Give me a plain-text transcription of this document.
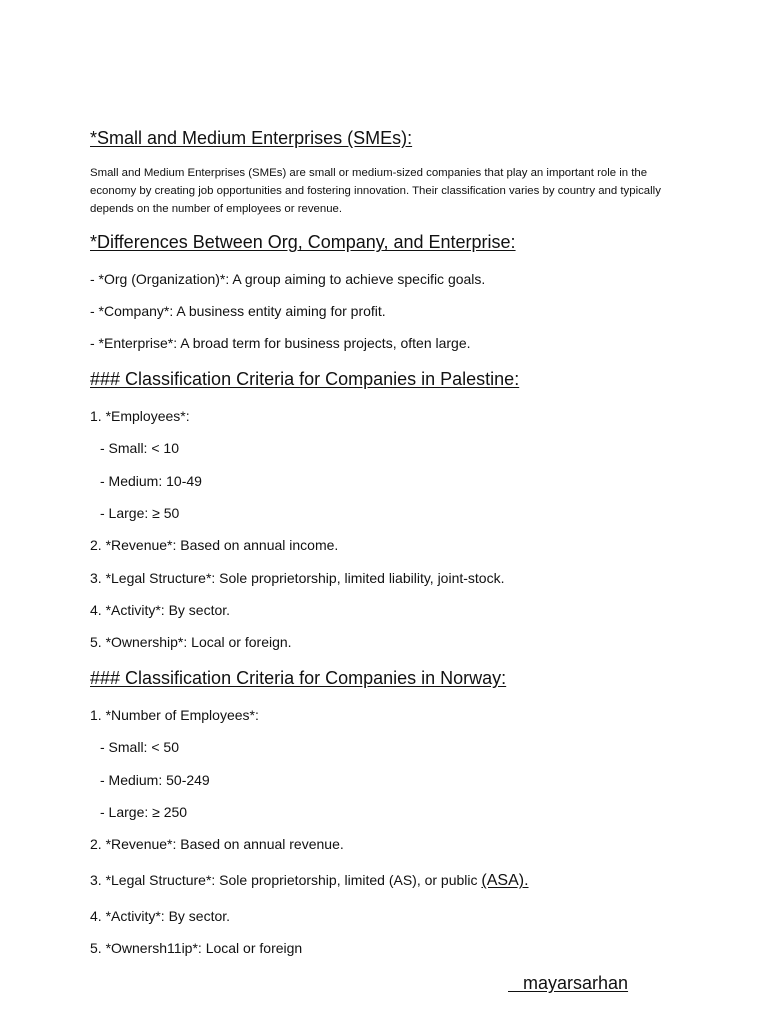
*Small and Medium Enterprises (SMEs):
Small and Medium Enterprises (SMEs) are small or medium-sized companies that play an important role in the economy by creating job opportunities and fostering innovation. Their classification varies by country and typically depends on the number of employees or revenue.
*Differences Between Org, Company, and Enterprise:
- *Org (Organization)*: A group aiming to achieve specific goals.
- *Company*: A business entity aiming for profit.
- *Enterprise*: A broad term for business projects, often large.
### Classification Criteria for Companies in Palestine:
1. *Employees*:
- Small: < 10
- Medium: 10-49
- Large: ≥ 50
2. *Revenue*: Based on annual income.
3. *Legal Structure*: Sole proprietorship, limited liability, joint-stock.
4. *Activity*: By sector.
5. *Ownership*: Local or foreign.
### Classification Criteria for Companies in Norway:
1. *Number of Employees*:
- Small: < 50
- Medium: 50-249
- Large: ≥ 250
2. *Revenue*: Based on annual revenue.
3. *Legal Structure*: Sole proprietorship, limited (AS), or public (ASA).
4. *Activity*: By sector.
5. *Ownersh11ip*: Local or foreign
mayarsarhan
